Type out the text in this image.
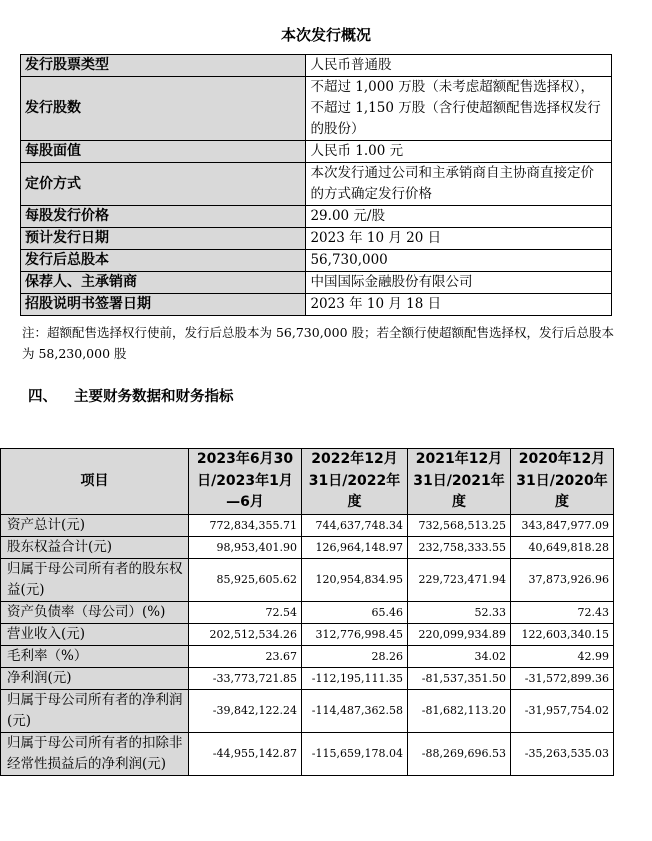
本次发行概况
发行股票类型	人民币普通股
发行股数	不超过 1,000 万股（未考虑超额配售选择权），不超过 1,150 万股（含行使超额配售选择权发行的股份）
每股面值	人民币 1.00 元
定价方式	本次发行通过公司和主承销商自主协商直接定价的方式确定发行价格
每股发行价格	29.00 元/股
预计发行日期	2023 年 10 月 20 日
发行后总股本	56,730,000
保荐人、主承销商	中国国际金融股份有限公司
招股说明书签署日期	2023 年 10 月 18 日
注：超额配售选择权行使前，发行后总股本为 56,730,000 股；若全额行使超额配售选择权，发行后总股本为 58,230,000 股
四、 主要财务数据和财务指标
项目	2023年6月30日/2023年1月—6月	2022年12月31日/2022年度	2021年12月31日/2021年度	2020年12月31日/2020年度
资产总计(元)	772,834,355.71	744,637,748.34	732,568,513.25	343,847,977.09
股东权益合计(元)	98,953,401.90	126,964,148.97	232,758,333.55	40,649,818.28
归属于母公司所有者的股东权益(元)	85,925,605.62	120,954,834.95	229,723,471.94	37,873,926.96
资产负债率（母公司）(%)	72.54	65.46	52.33	72.43
营业收入(元)	202,512,534.26	312,776,998.45	220,099,934.89	122,603,340.15
毛利率（%）	23.67	28.26	34.02	42.99
净利润(元)	-33,773,721.85	-112,195,111.35	-81,537,351.50	-31,572,899.36
归属于母公司所有者的净利润(元)	-39,842,122.24	-114,487,362.58	-81,682,113.20	-31,957,754.02
归属于母公司所有者的扣除非经常性损益后的净利润(元)	-44,955,142.87	-115,659,178.04	-88,269,696.53	-35,263,535.03
